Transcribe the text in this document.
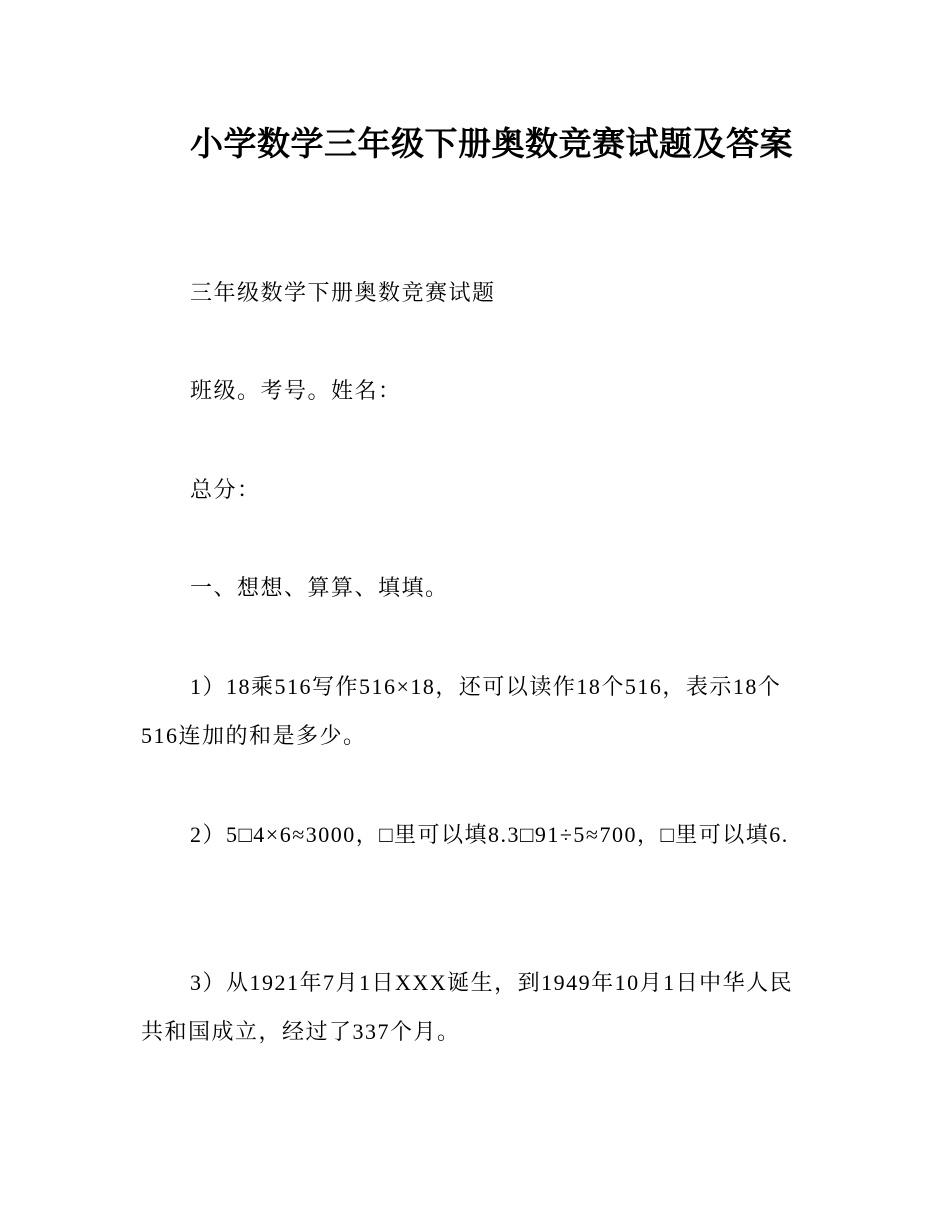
小学数学三年级下册奥数竞赛试题及答案

三年级数学下册奥数竞赛试题

班级。考号。姓名：

总分：

一、想想、算算、填填。

1）18乘516写作516×18，还可以读作18个516，表示18个516连加的和是多少。

2）5□4×6≈3000，□里可以填8.3□91÷5≈700，□里可以填6.

3）从1921年7月1日XXX诞生，到1949年10月1日中华人民共和国成立，经过了337个月。
